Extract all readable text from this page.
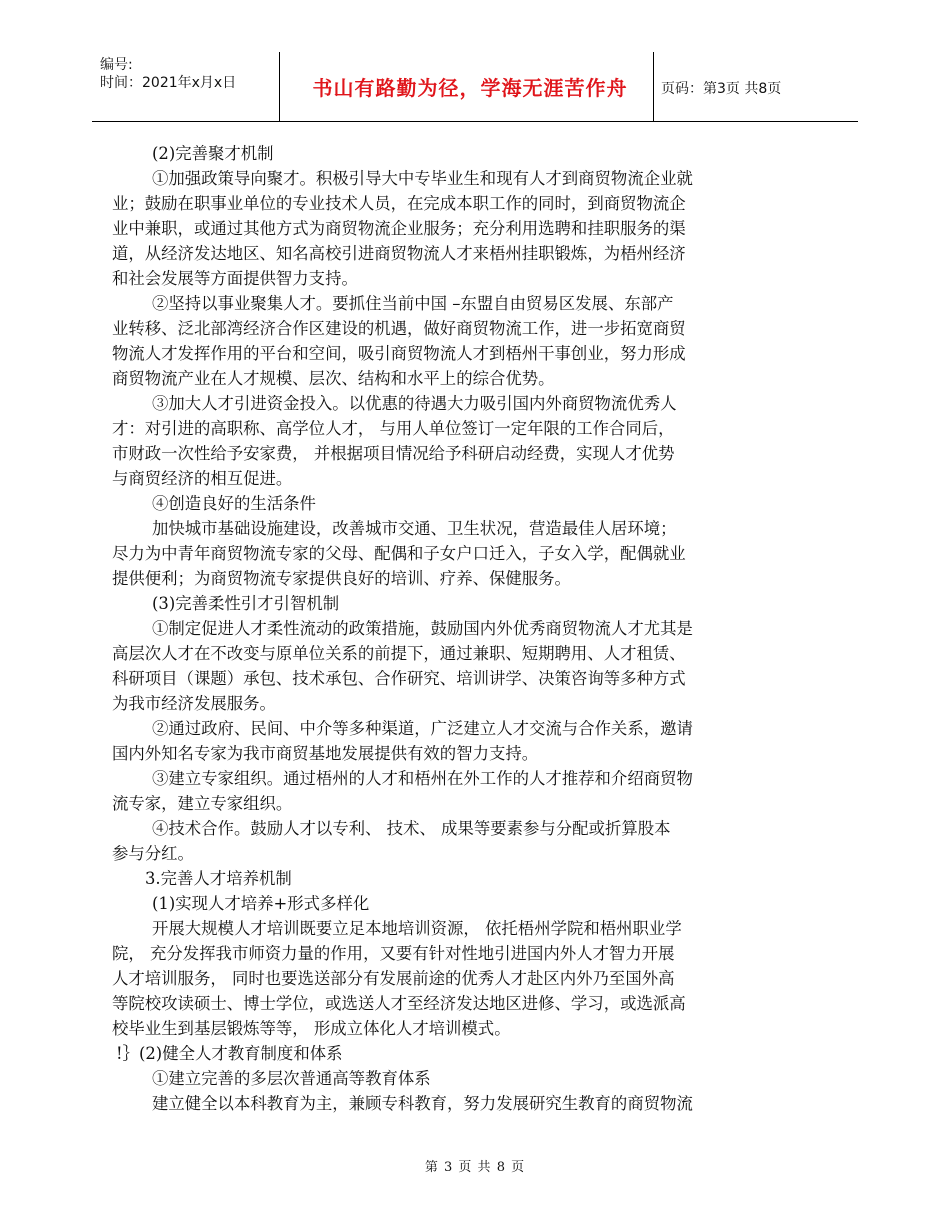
编号:
时间：2021年x月x日	书山有路勤为径，学海无涯苦作舟	页码：第3页 共8页

(2)完善聚才机制

①加强政策导向聚才。积极引导大中专毕业生和现有人才到商贸物流企业就

业；鼓励在职事业单位的专业技术人员，在完成本职工作的同时，到商贸物流企

业中兼职，或通过其他方式为商贸物流企业服务；充分利用选聘和挂职服务的渠

道，从经济发达地区、知名高校引进商贸物流人才来梧州挂职锻炼，为梧州经济

和社会发展等方面提供智力支持。

②坚持以事业聚集人才。要抓住当前中国 –东盟自由贸易区发展、东部产

业转移、泛北部湾经济合作区建设的机遇，做好商贸物流工作，进一步拓宽商贸

物流人才发挥作用的平台和空间，吸引商贸物流人才到梧州干事创业，努力形成

商贸物流产业在人才规模、层次、结构和水平上的综合优势。

③加大人才引进资金投入。以优惠的待遇大力吸引国内外商贸物流优秀人

才：对引进的高职称、高学位人才， 与用人单位签订一定年限的工作合同后，

市财政一次性给予安家费， 并根据项目情况给予科研启动经费，实现人才优势

与商贸经济的相互促进。

④创造良好的生活条件

加快城市基础设施建设，改善城市交通、卫生状况，营造最佳人居环境；

尽力为中青年商贸物流专家的父母、配偶和子女户口迁入，子女入学，配偶就业

提供便利；为商贸物流专家提供良好的培训、疗养、保健服务。

(3)完善柔性引才引智机制

①制定促进人才柔性流动的政策措施，鼓励国内外优秀商贸物流人才尤其是

高层次人才在不改变与原单位关系的前提下，通过兼职、短期聘用、人才租赁、

科研项目（课题）承包、技术承包、合作研究、培训讲学、决策咨询等多种方式

为我市经济发展服务。

②通过政府、民间、中介等多种渠道，广泛建立人才交流与合作关系，邀请

国内外知名专家为我市商贸基地发展提供有效的智力支持。

③建立专家组织。通过梧州的人才和梧州在外工作的人才推荐和介绍商贸物

流专家，建立专家组织。

④技术合作。鼓励人才以专利、 技术、 成果等要素参与分配或折算股本

参与分红。

3.完善人才培养机制

(1)实现人才培养+形式多样化

开展大规模人才培训既要立足本地培训资源， 依托梧州学院和梧州职业学

院， 充分发挥我市师资力量的作用，又要有针对性地引进国内外人才智力开展

人才培训服务， 同时也要选送部分有发展前途的优秀人才赴区内外乃至国外高

等院校攻读硕士、博士学位，或选送人才至经济发达地区进修、学习，或选派高

校毕业生到基层锻炼等等， 形成立体化人才培训模式。

!｝(2)健全人才教育制度和体系

①建立完善的多层次普通高等教育体系

建立健全以本科教育为主，兼顾专科教育，努力发展研究生教育的商贸物流

第 3 页 共 8 页
